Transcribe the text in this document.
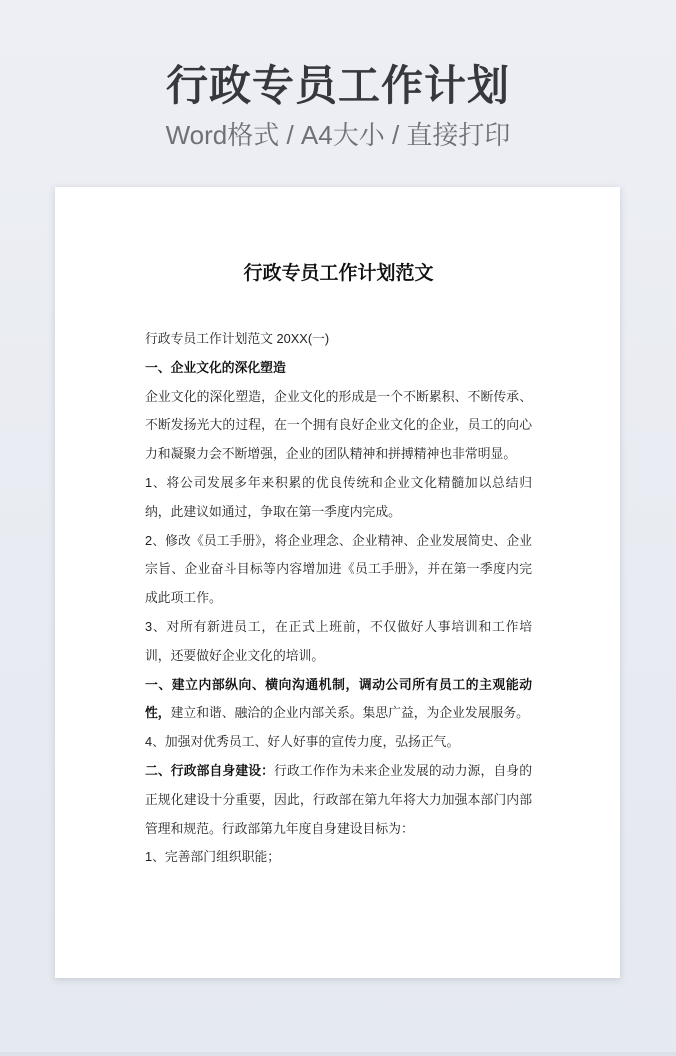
行政专员工作计划
Word格式 / A4大小 / 直接打印
行政专员工作计划范文

行政专员工作计划范文 20XX(一)

一、企业文化的深化塑造

企业文化的深化塑造，企业文化的形成是一个不断累积、不断传承、不断发扬光大的过程，在一个拥有良好企业文化的企业，员工的向心力和凝聚力会不断增强，企业的团队精神和拼搏精神也非常明显。

1、将公司发展多年来积累的优良传统和企业文化精髓加以总结归纳，此建议如通过，争取在第一季度内完成。

2、修改《员工手册》，将企业理念、企业精神、企业发展简史、企业宗旨、企业奋斗目标等内容增加进《员工手册》，并在第一季度内完成此项工作。

3、对所有新进员工，在正式上班前，不仅做好人事培训和工作培训，还要做好企业文化的培训。

一、建立内部纵向、横向沟通机制，调动公司所有员工的主观能动性，建立和谐、融洽的企业内部关系。集思广益，为企业发展服务。

4、加强对优秀员工、好人好事的宣传力度，弘扬正气。

二、行政部自身建设：行政工作作为未来企业发展的动力源，自身的正规化建设十分重要，因此，行政部在第九年将大力加强本部门内部管理和规范。行政部第九年度自身建设目标为：

1、完善部门组织职能；
